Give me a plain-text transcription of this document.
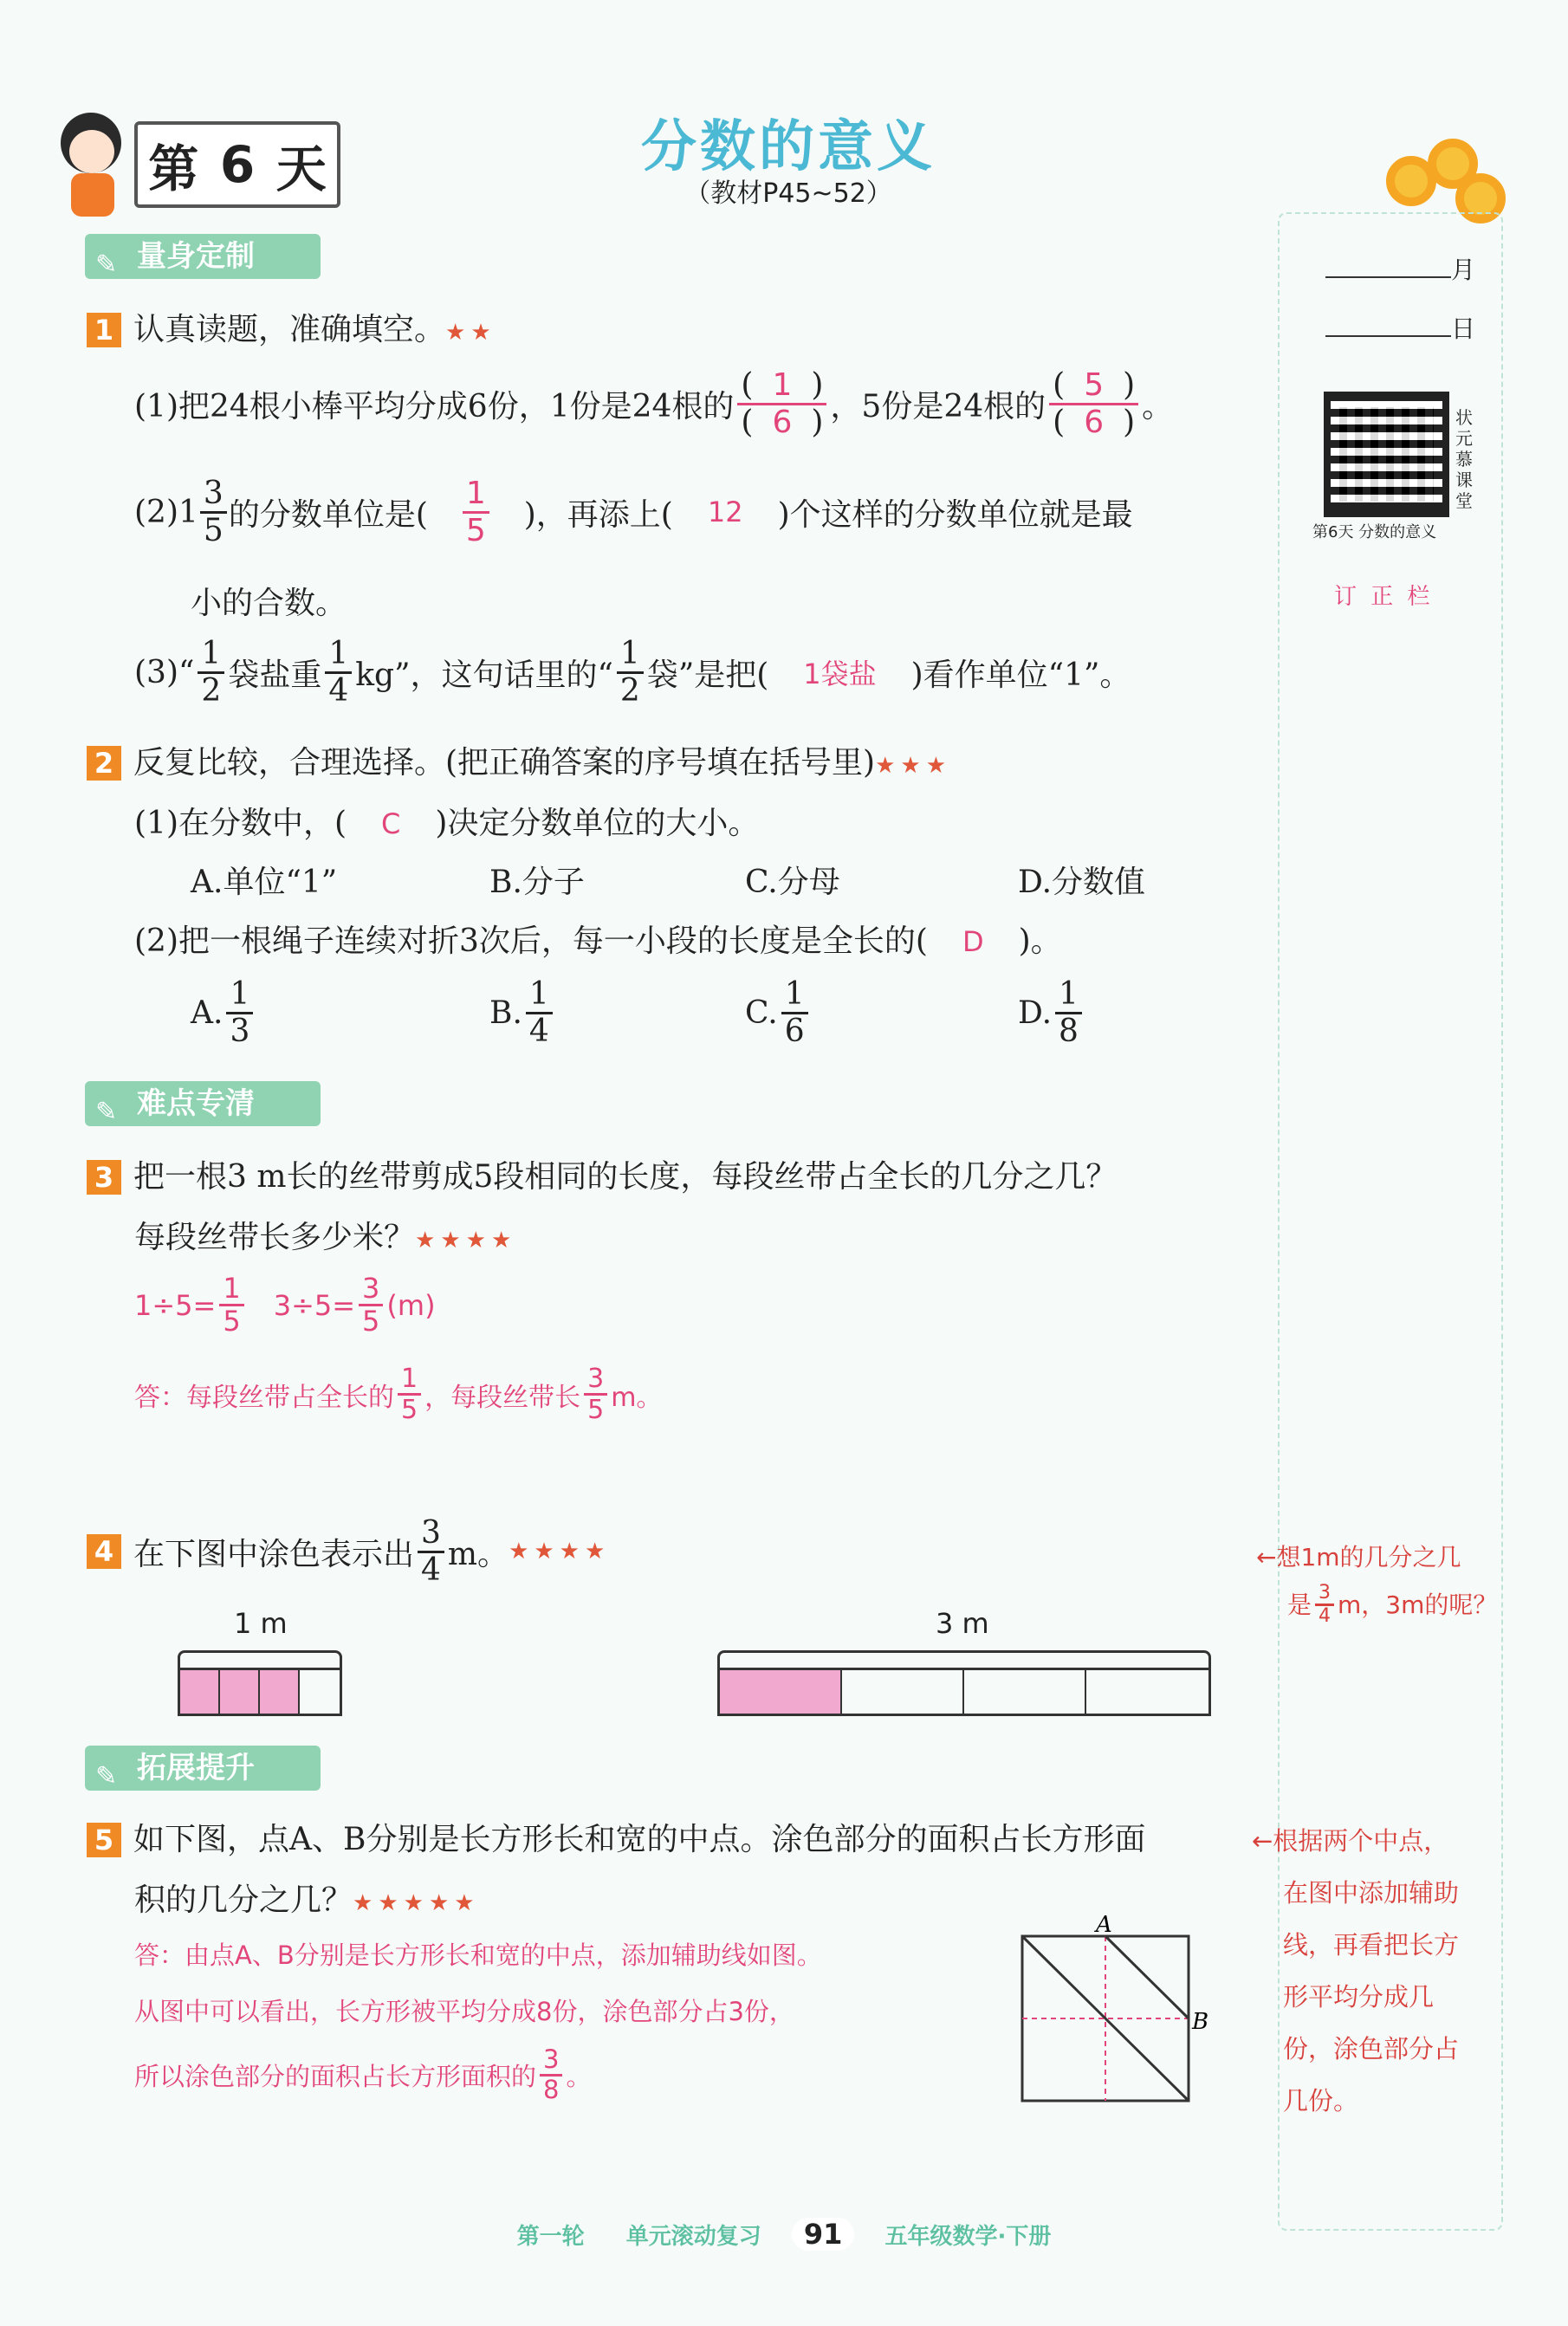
第 6 天	分数的意义
（教材P45~52）
月
日
状元慕课堂
第6天 分数的意义
订 正 栏
✎ 量身定制
1 认真读题，准确填空。★★
(1)把24根小棒平均分成6份，1份是24根的
( 1 )
( 6 ) ，5份是24根的
( 5 )
( 6 ) 。
$(2)1 \frac{3}{5}$ 的分数单位是( $\frac{1}{5}$ )，再添上(	12	)个这样的分数单位就是最
小的合数。
(3)“ $\frac{1}{2}$ 袋盐重 $\frac{1}{4}$ kg”，这句话里的“ $\frac{1}{2}$ 袋”是把(	1袋盐	)看作单位“1”。
2 反复比较，合理选择。(把正确答案的序号填在括号里)★★★
(1)在分数中，( C )决定分数单位的大小。
A.单位“1”	B.分子	C.分母	D.分数值
(2)把一根绳子连续对折3次后，每一小段的长度是全长的( D )。
A. $\frac{1}{3}$	B. $\frac{1}{4}$	C. $\frac{1}{6}$	D. $\frac{1}{8}$
✎ 难点专清
3 把一根3 m长的丝带剪成5段相同的长度，每段丝带占全长的几分之几？
每段丝带长多少米？★★★★
$1\div 5= \frac{1}{5} 3\div 5= \frac{3}{5} (m)$
答：每段丝带占全长的 $\frac{1}{5}$ ，每段丝带长 $\frac{3}{5}$ m。
4 在下图中涂色表示出 $\frac{3}{4}$ m。 ★★★★	←想1m的几分之几
是 $\frac{3}{4}$ m，3m的呢？
1 m	3 m
✎ 拓展提升
5 如下图，点A、B分别是长方形长和宽的中点。涂色部分的面积占长方形面
积的几分之几？★★★★★
答：由点A、B分别是长方形长和宽的中点，添加辅助线如图。
从图中可以看出，长方形被平均分成8份，涂色部分占3份，
所以涂色部分的面积占长方形面积的 $\frac{3}{8}$ 。
A
B
←根据两个中点，
在图中添加辅助
线，再看把长方
形平均分成几
份，涂色部分占
几份。
第一轮 单元滚动复习 91 五年级数学·下册
